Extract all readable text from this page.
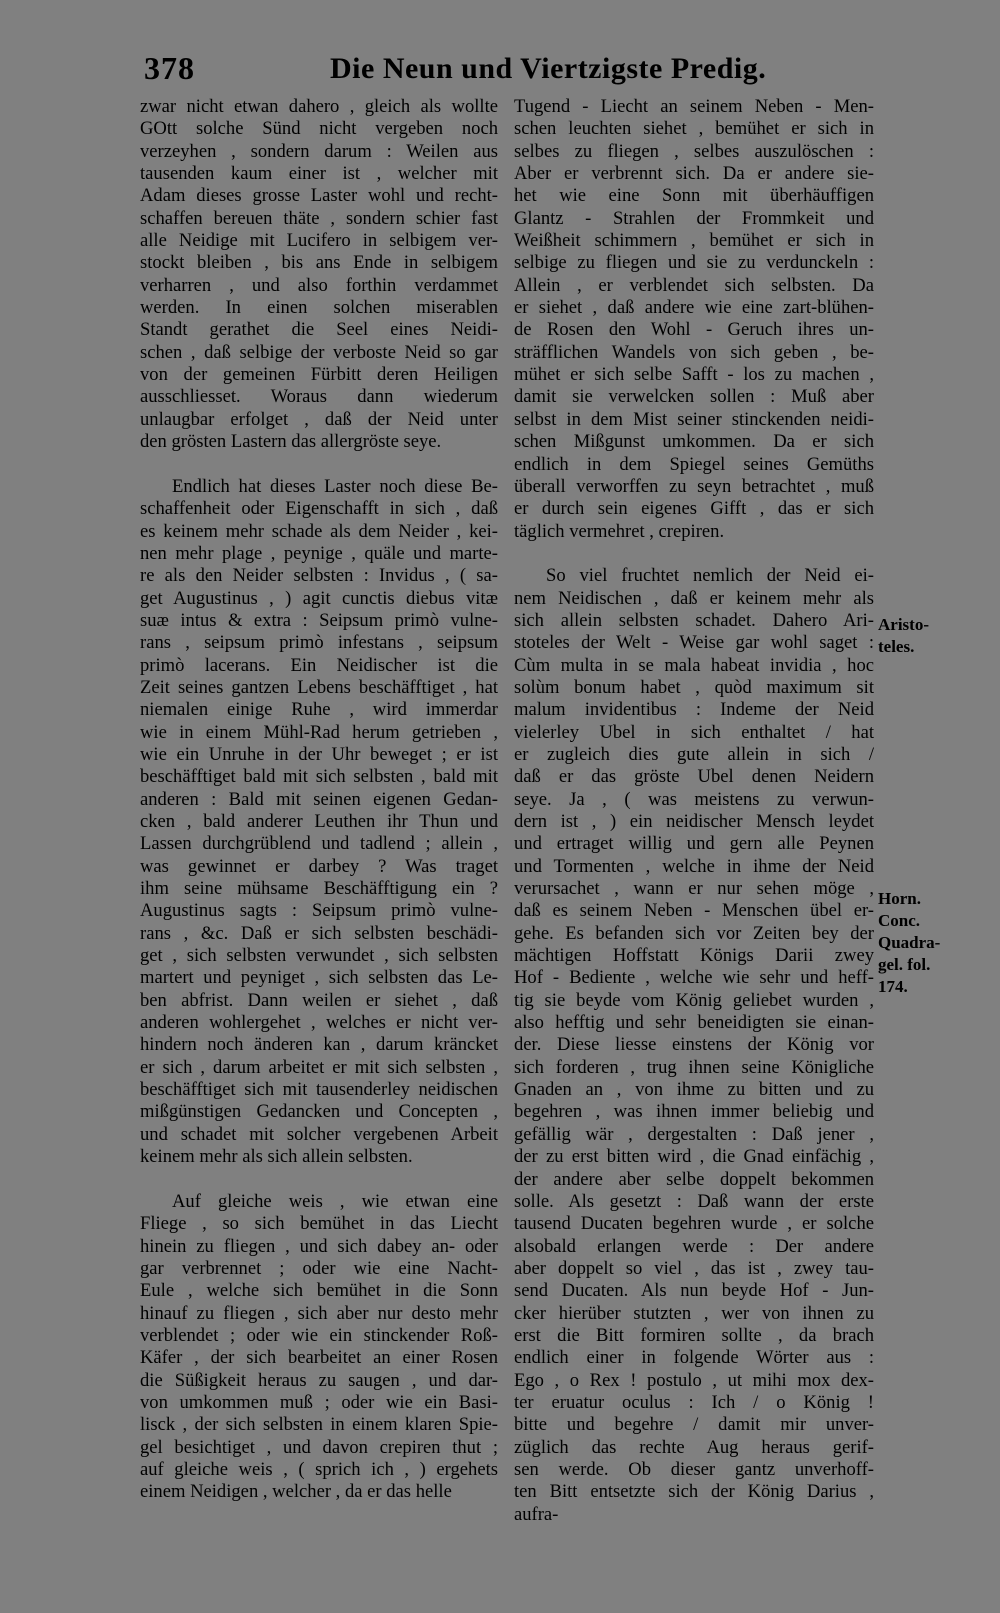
378	Die Neun und Viertzigste Predig.
zwar nicht etwan dahero , gleich als wollte
GOtt solche Sünd nicht vergeben noch
verzeyhen , sondern darum : Weilen aus
tausenden kaum einer ist , welcher mit
Adam dieses grosse Laster wohl und recht-
schaffen bereuen thäte , sondern schier fast
alle Neidige mit Lucifero in selbigem ver-
stockt bleiben , bis ans Ende in selbigem
verharren , und also forthin verdammet
werden. In einen solchen miserablen
Standt gerathet die Seel eines Neidi-
schen , daß selbige der verboste Neid so gar
von der gemeinen Fürbitt deren Heiligen
ausschliesset. Woraus dann wiederum
unlaugbar erfolget , daß der Neid unter
den grösten Lastern das allergröste seye.
Endlich hat dieses Laster noch diese Be-
schaffenheit oder Eigenschafft in sich , daß
es keinem mehr schade als dem Neider , kei-
nen mehr plage , peynige , quäle und marte-
re als den Neider selbsten : Invidus , ( sa-
get Augustinus , ) agit cunctis diebus vitæ
suæ intus & extra : Seipsum primò vulne-
rans , seipsum primò infestans , seipsum
primò lacerans. Ein Neidischer ist die
Zeit seines gantzen Lebens beschäfftiget , hat
niemalen einige Ruhe , wird immerdar
wie in einem Mühl-Rad herum getrieben ,
wie ein Unruhe in der Uhr beweget ; er ist
beschäfftiget bald mit sich selbsten , bald mit
anderen : Bald mit seinen eigenen Gedan-
cken , bald anderer Leuthen ihr Thun und
Lassen durchgrüblend und tadlend ; allein ,
was gewinnet er darbey ? Was traget
ihm seine mühsame Beschäfftigung ein ?
Augustinus sagts : Seipsum primò vulne-
rans , &c. Daß er sich selbsten beschädi-
get , sich selbsten verwundet , sich selbsten
martert und peyniget , sich selbsten das Le-
ben abfrist. Dann weilen er siehet , daß
anderen wohlergehet , welches er nicht ver-
hindern noch änderen kan , darum kräncket
er sich , darum arbeitet er mit sich selbsten ,
beschäfftiget sich mit tausenderley neidischen
mißgünstigen Gedancken und Concepten ,
und schadet mit solcher vergebenen Arbeit
keinem mehr als sich allein selbsten.
Auf gleiche weis , wie etwan eine
Fliege , so sich bemühet in das Liecht
hinein zu fliegen , und sich dabey an- oder
gar verbrennet ; oder wie eine Nacht-
Eule , welche sich bemühet in die Sonn
hinauf zu fliegen , sich aber nur desto mehr
verblendet ; oder wie ein stinckender Roß-
Käfer , der sich bearbeitet an einer Rosen
die Süßigkeit heraus zu saugen , und dar-
von umkommen muß ; oder wie ein Basi-
lisck , der sich selbsten in einem klaren Spie-
gel besichtiget , und davon crepiren thut ;
auf gleiche weis , ( sprich ich , ) ergehets
einem Neidigen , welcher , da er das helle
Tugend - Liecht an seinem Neben - Men-
schen leuchten siehet , bemühet er sich in
selbes zu fliegen , selbes auszulöschen :
Aber er verbrennt sich. Da er andere sie-
het wie eine Sonn mit überhäuffigen
Glantz - Strahlen der Frommkeit und
Weißheit schimmern , bemühet er sich in
selbige zu fliegen und sie zu verdunckeln :
Allein , er verblendet sich selbsten. Da
er siehet , daß andere wie eine zart-blühen-
de Rosen den Wohl - Geruch ihres un-
sträfflichen Wandels von sich geben , be-
mühet er sich selbe Safft - los zu machen ,
damit sie verwelcken sollen : Muß aber
selbst in dem Mist seiner stinckenden neidi-
schen Mißgunst umkommen. Da er sich
endlich in dem Spiegel seines Gemüths
überall verworffen zu seyn betrachtet , muß
er durch sein eigenes Gifft , das er sich
täglich vermehret , crepiren.
So viel fruchtet nemlich der Neid ei-
nem Neidischen , daß er keinem mehr als
sich allein selbsten schadet. Dahero Ari-
stoteles der Welt - Weise gar wohl saget :
Cùm multa in se mala habeat invidia , hoc
solùm bonum habet , quòd maximum sit
malum invidentibus : Indeme der Neid
vielerley Ubel in sich enthaltet / hat
er zugleich dies gute allein in sich /
daß er das gröste Ubel denen Neidern
seye. Ja , ( was meistens zu verwun-
dern ist , ) ein neidischer Mensch leydet
und ertraget willig und gern alle Peynen
und Tormenten , welche in ihme der Neid
verursachet , wann er nur sehen möge ,
daß es seinem Neben - Menschen übel er-
gehe. Es befanden sich vor Zeiten bey der
mächtigen Hoffstatt Königs Darii zwey
Hof - Bediente , welche wie sehr und heff-
tig sie beyde vom König geliebet wurden ,
also hefftig und sehr beneidigten sie einan-
der. Diese liesse einstens der König vor
sich forderen , trug ihnen seine Königliche
Gnaden an , von ihme zu bitten und zu
begehren , was ihnen immer beliebig und
gefällig wär , dergestalten : Daß jener ,
der zu erst bitten wird , die Gnad einfächig ,
der andere aber selbe doppelt bekommen
solle. Als gesetzt : Daß wann der erste
tausend Ducaten begehren wurde , er solche
alsobald erlangen werde : Der andere
aber doppelt so viel , das ist , zwey tau-
send Ducaten. Als nun beyde Hof - Jun-
cker hierüber stutzten , wer von ihnen zu
erst die Bitt formiren sollte , da brach
endlich einer in folgende Wörter aus :
Ego , o Rex ! postulo , ut mihi mox dex-
ter eruatur oculus : Ich / o König !
bitte und begehre / damit mir unver-
züglich das rechte Aug heraus gerif-
sen werde. Ob dieser gantz unverhoff-
ten Bitt entsetzte sich der König Darius ,
aufra-
Aristo-
teles.
Horn.
Conc.
Quadra-
gel. fol.
174.
